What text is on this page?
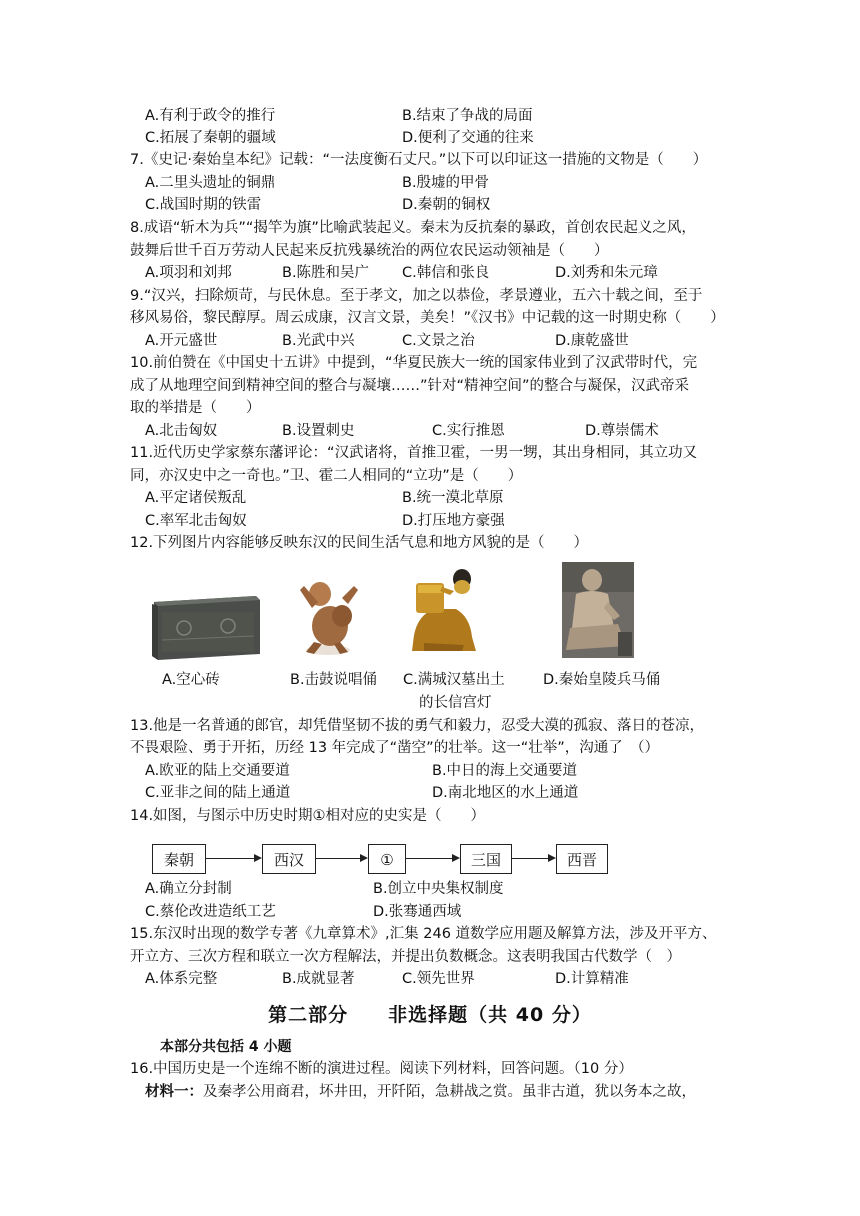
A.有利于政令的推行	B.结束了争战的局面
C.拓展了秦朝的疆域	D.便利了交通的往来
7.《史记·秦始皇本纪》记载：“一法度衡石丈尺。”以下可以印证这一措施的文物是（　　）
A.二里头遗址的铜鼎	B.殷墟的甲骨
C.战国时期的铁雷	D.秦朝的铜权
8.成语“斩木为兵”“揭竿为旗”比喻武装起义。秦末为反抗秦的暴政，首创农民起义之风，
鼓舞后世千百万劳动人民起来反抗残暴统治的两位农民运动领袖是（　　）
A.项羽和刘邦	B.陈胜和吴广 C.韩信和张良	D.刘秀和朱元璋
9.“汉兴，扫除烦苛，与民休息。至于孝文，加之以恭俭，孝景遵业，五六十载之间，至于
移风易俗，黎民醇厚。周云成康，汉言文景，美矣！”《汉书》中记载的这一时期史称（　　）
A.开元盛世	B.光武中兴	C.文景之治	D.康乾盛世
10.前伯赞在《中国史十五讲》中提到，“华夏民族大一统的国家伟业到了汉武带时代，完
成了从地理空间到精神空间的整合与凝壤……”针对“精神空间”的整合与凝保，汉武帝采
取的举措是（　　）
A.北击匈奴	B.设置刺史	C.实行推恩	D.尊崇儒术
11.近代历史学家蔡东藩评论：“汉武诸将，首推卫霍，一男一甥，其出身相同，其立功又
同，亦汉史中之一奇也。”卫、霍二人相同的“立功”是（　　）
A.平定诸侯叛乱	B.统一漠北草原
C.率军北击匈奴	D.打压地方豪强
12.下列图片内容能够反映东汉的民间生活气息和地方风貌的是（　　）
A.空心砖	B.击鼓说唱俑 C.满城汉墓出土
的长信宫灯
D.秦始皇陵兵马俑
13.他是一名普通的郎官，却凭借坚韧不拔的勇气和毅力，忍受大漠的孤寂、落日的苍凉，
不畏艰险、勇于开拓，历经 13 年完成了“凿空”的壮举。这一“壮举”，沟通了　（）
A.欧亚的陆上交通要道	B.中日的海上交通要道
C.亚非之间的陆上通道	D.南北地区的水上通道
14.如图，与图示中历史时期①相对应的史实是（　　）
秦朝	西汉	①	三国	西晋
A.确立分封制	B.创立中央集权制度
C.蔡伦改进造纸工艺	D.张骞通西域
15.东汉时出现的数学专著《九章算术》,汇集 246 道数学应用题及解算方法，涉及开平方、
开立方、三次方程和联立一次方程解法，并提出负数概念。这表明我国古代数学（　）
A.体系完整	B.成就显著	C.领先世界	D.计算精准
第二部分　　非选择题（共 40 分）
本部分共包括 4 小题
16.中国历史是一个连绵不断的演进过程。阅读下列材料，回答问题。（10 分）
材料一：及秦孝公用商君，坏井田，开阡陌，急耕战之赏。虽非古道，犹以务本之故，
